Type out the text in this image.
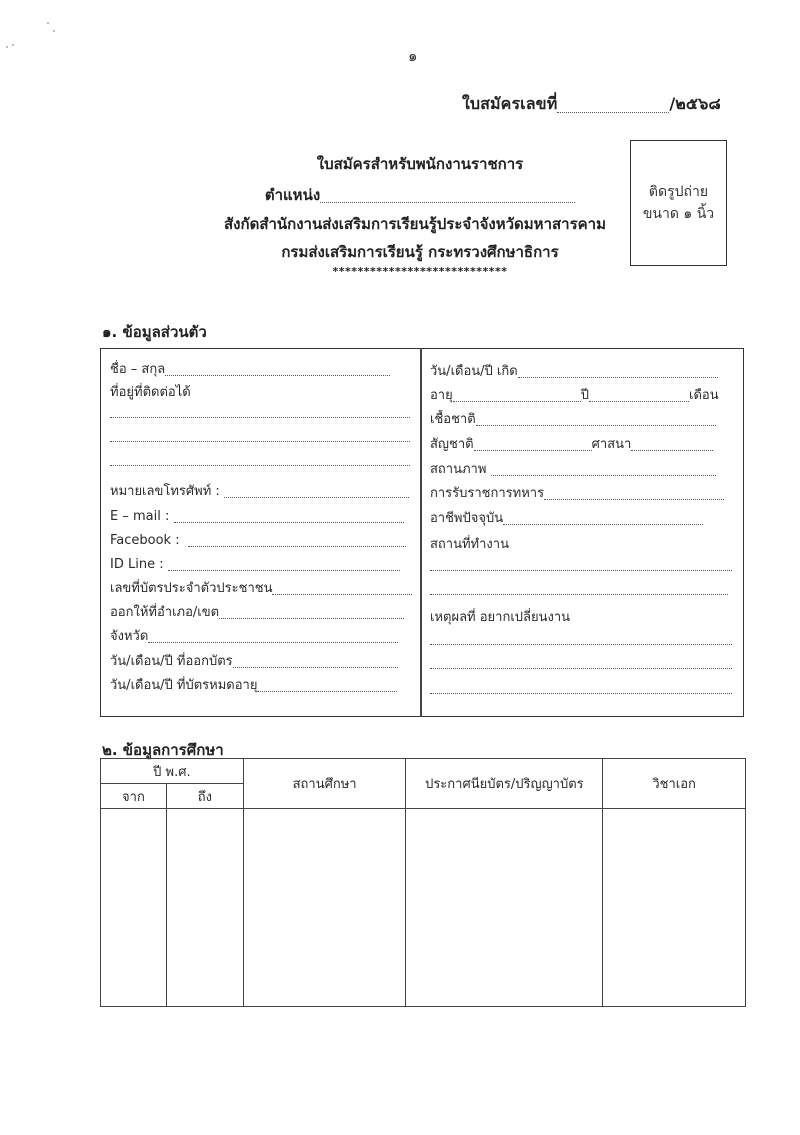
๑
ใบสมัครเลขที่	/๒๕๖๘
ใบสมัครสำหรับพนักงานราชการ
ตำแหน่ง
สังกัดสำนักงานส่งเสริมการเรียนรู้ประจำจังหวัดมหาสารคาม
กรมส่งเสริมการเรียนรู้ กระทรวงศึกษาธิการ
****************************
ติดรูปถ่าย
ขนาด ๑ นิ้ว
๑. ข้อมูลส่วนตัว
ชื่อ – สกุล
ที่อยู่ที่ติดต่อได้
หมายเลขโทรศัพท์ :
E – mail :
Facebook :
ID Line :
เลขที่บัตรประจำตัวประชาชน
ออกให้ที่อำเภอ/เขต
จังหวัด
วัน/เดือน/ปี ที่ออกบัตร
วัน/เดือน/ปี ที่บัตรหมดอายุ
วัน/เดือน/ปี เกิด
อายุ	ปี	เดือน
เชื้อชาติ
สัญชาติ	ศาสนา
สถานภาพ
การรับราชการทหาร
อาชีพปัจจุบัน
สถานที่ทำงาน
เหตุผลที่ อยากเปลี่ยนงาน
๒. ข้อมูลการศึกษา
ปี พ.ศ.		สถานศึกษา	ประกาศนียบัตร/ปริญญาบัตร	วิชาเอก
จาก	ถึง			
